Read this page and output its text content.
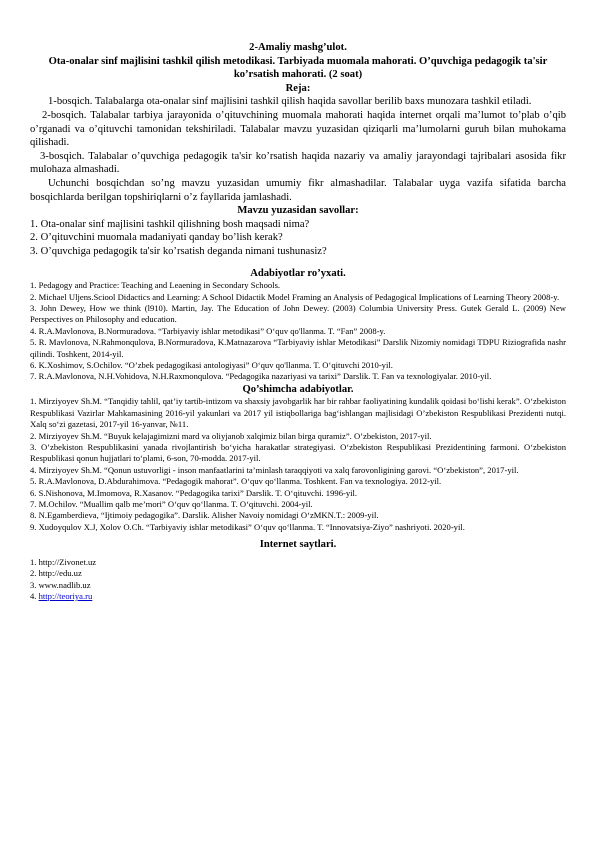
2-Amaliy mashg’ulot.

Ota-onalar sinf majlisini tashkil qilish metodikasi. Tarbiyada muomala mahorati. O’quvchiga pedagogik ta'sir ko’rsatish mahorati. (2 soat)

Reja:

1-bosqich. Talabalarga ota-onalar sinf majlisini tashkil qilish haqida savollar berilib baxs munozara tashkil etiladi.

2-bosqich. Talabalar tarbiya jarayonida o’qituvchining muomala mahorati haqida internet orqali ma’lumot to’plab o’qib o’rganadi va o’qituvchi tamonidan tekshiriladi. Talabalar mavzu yuzasidan qiziqarli ma’lumolarni guruh bilan muhokama qilishadi.

3-bosqich. Talabalar o’quvchiga pedagogik ta'sir ko’rsatish haqida nazariy va amaliy jarayondagi tajribalari asosida fikr mulohaza almashadi.

Uchunchi bosqichdan so’ng mavzu yuzasidan umumiy fikr almashadilar. Talabalar uyga vazifa sifatida barcha bosqichlarda berilgan topshiriqlarni o’z fayllarida jamlashadi.

Mavzu yuzasidan savollar:

1. Ota-onalar sinf majlisini tashkil qilishning bosh maqsadi nima?

2. O’qituvchini muomala madaniyati qanday bo’lish kerak?

3. O’quvchiga pedagogik ta'sir ko’rsatish deganda nimani tushunasiz?

Adabiyotlar ro’yxati.

1. Pedagogy and Practice: Teaching and Leaening in Secondary Schools.

2. Michael Uljens.Sciool Didactics and Learning: A School Didactik Model Framing an Analysis of Pedagogical Implications of Learning Theory 2008-y.

3. John Dewey, How we think (l910). Martin, Jay. The Education of John Dewey. (2003) Columbia University Press. Gutek Gerald L. (2009) New Perspectives on Philosophy and education.

4. R.A.Mavlonova, B.Normuradova. “Tarbiyaviy ishlar metodikasi” O‘quv qo'llanma. T. “Fan” 2008-y.

5. R. Mavlonova, N.Rahmonqulova, B.Normuradova, K.Matnazarova “Tarbiyaviy ishlar Metodikasi” Darslik Nizomiy nomidagi TDPU Riziografida nashr qilindi. Toshkent, 2014-yil.

6. K.Xoshimov, S.Ochilov. “O’zbek pedagogikasi antologiyasi” O‘quv qo'llanma. T. O‘qituvchi 2010-yil.

7. R.A.Mavlonova, N.H.Vohidova, N.H.Raxmonqulova. “Pedagogika nazariyasi va tarixi” Darslik. T. Fan va texnologiyalar. 2010-yil.

Qo’shimcha adabiyotlar.

1. Mirziyoyev Sh.M. “Tanqidiy tahlil, qat’iy tartib-intizom va shaxsiy javobgarlik har bir rahbar faoliyatining kundalik qoidasi bo‘lishi kerak”. O‘zbekiston Respublikasi Vazirlar Mahkamasining 2016-yil yakunlari va 2017 yil istiqbollariga bag‘ishlangan majlisidagi O’zbekiston Respublikasi Prezidenti nutqi. Xalq so‘zi gazetasi, 2017-yil 16-yanvar, №11.

2. Mirziyoyev Sh.M. “Buyuk kelajagimizni mard va oliyjanob xalqimiz bilan birga quramiz”. O’zbekiston, 2017-yil.

3. O’zbekiston Respublikasini yanada rivojlantirish bo‘yicha harakatlar strategiyasi. O‘zbekiston Respublikasi Prezidentining farmoni. O‘zbekiston Respublikasi qonun hujjatlari to‘plami, 6-son, 70-modda. 2017-yil.

4. Mirziyoyev Sh.M. “Qonun ustuvorligi - inson manfaatlarini ta’minlash taraqqiyoti va xalq farovonligining garovi. “O‘zbekiston”, 2017-yil.

5. R.A.Mavlonova, D.Abdurahimova. “Pedagogik mahorat”. O‘quv qo‘llanma. Toshkent. Fan va texnologiya. 2012-yil.

6. S.Nishonova, M.Imomova, R.Xasanov. “Pedagogika tarixi” Darslik. T. O‘qituvchi. 1996-yil.

7. M.Ochilov. “Muallim qalb me’mori” O‘quv qo‘llanma. T. O‘qituvchi. 2004-yil.

8. N.Egamberdieva, “Ijtimoiy pedagogika”. Darslik. Alisher Navoiy nomidagi O‘zMKN.T.: 2009-yil.

9. Xudoyqulov X.J, Xolov O.Ch. “Tarbiyaviy ishlar metodikasi” O‘quv qo‘llanma. T. “Innovatsiya-Ziyo” nashriyoti. 2020-yil.

Internet saytlari.

1. http://Zivonet.uz

2. http://edu.uz

3. www.nadlib.uz

4. http://teoriya.ru
